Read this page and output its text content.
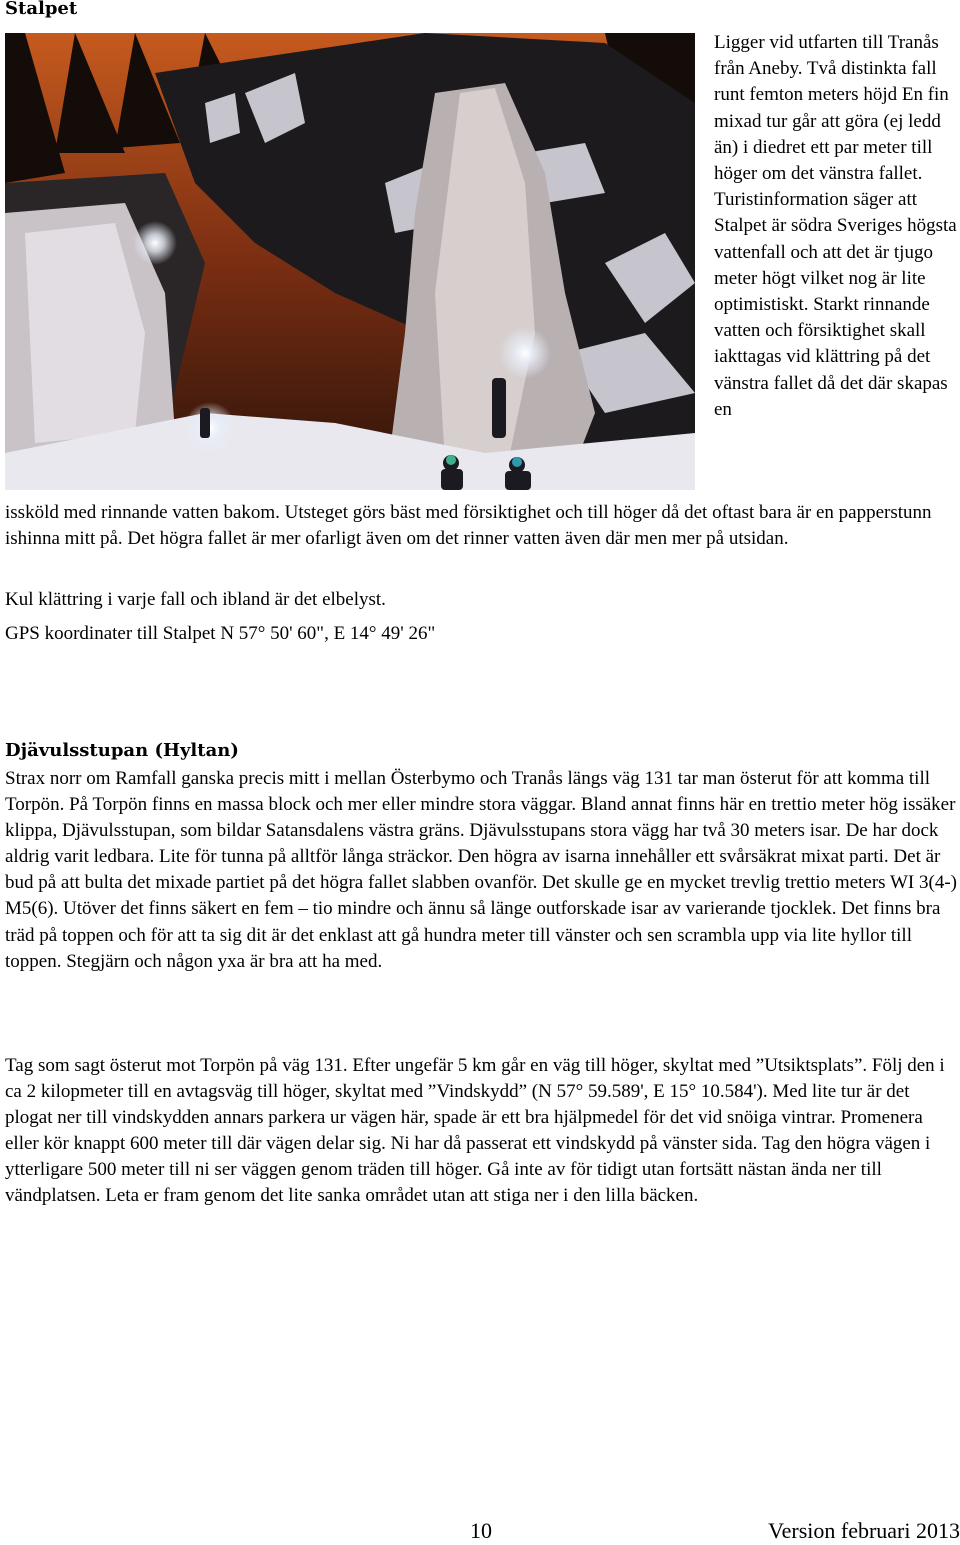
Stalpet
Ligger vid utfarten till Tranås från Aneby. Två distinkta fall runt femton meters höjd En fin mixad tur går att göra (ej ledd än) i diedret ett par meter till höger om det vänstra fallet. Turistinformation säger att Stalpet är södra Sveriges högsta vattenfall och att det är tjugo meter högt vilket nog är lite optimistiskt. Starkt rinnande vatten och försiktighet skall iakttagas vid klättring på det vänstra fallet då det där skapas en

issköld med rinnande vatten bakom. Utsteget görs bäst med försiktighet och till höger då det oftast bara är en papperstunn ishinna mitt på. Det högra fallet är mer ofarligt även om det rinner vatten även där men mer på utsidan.

Kul klättring i varje fall och ibland är det elbelyst.

GPS koordinater till Stalpet N 57° 50' 60", E 14° 49' 26"

Djävulsstupan (Hyltan)

Strax norr om Ramfall ganska precis mitt i mellan Österbymo och Tranås längs väg 131 tar man österut för att komma till Torpön. På Torpön finns en massa block och mer eller mindre stora väggar. Bland annat finns här en trettio meter hög issäker klippa, Djävulsstupan, som bildar Satansdalens västra gräns. Djävulsstupans stora vägg har två 30 meters isar. De har dock aldrig varit ledbara. Lite för tunna på alltför långa sträckor. Den högra av isarna innehåller ett svårsäkrat mixat parti. Det är bud på att bulta det mixade partiet på det högra fallet slabben ovanför. Det skulle ge en mycket trevlig trettio meters WI 3(4-) M5(6). Utöver det finns säkert en fem – tio mindre och ännu så länge outforskade isar av varierande tjocklek. Det finns bra träd på toppen och för att ta sig dit är det enklast att gå hundra meter till vänster och sen scrambla upp via lite hyllor till toppen. Stegjärn och någon yxa är bra att ha med.

Tag som sagt österut mot Torpön på väg 131. Efter ungefär 5 km går en väg till höger, skyltat med ”Utsiktsplats”. Följ den i ca 2 kilopmeter till en avtagsväg till höger, skyltat med ”Vindskydd” (N 57° 59.589', E 15° 10.584'). Med lite tur är det plogat ner till vindskydden annars parkera ur vägen här, spade är ett bra hjälpmedel för det vid snöiga vintrar. Promenera eller kör knappt 600 meter till där vägen delar sig. Ni har då passerat ett vindskydd på vänster sida. Tag den högra vägen i ytterligare 500 meter till ni ser väggen genom träden till höger. Gå inte av för tidigt utan fortsätt nästan ända ner till vändplatsen. Leta er fram genom det lite sanka området utan att stiga ner i den lilla bäcken.

10	Version februari 2013
